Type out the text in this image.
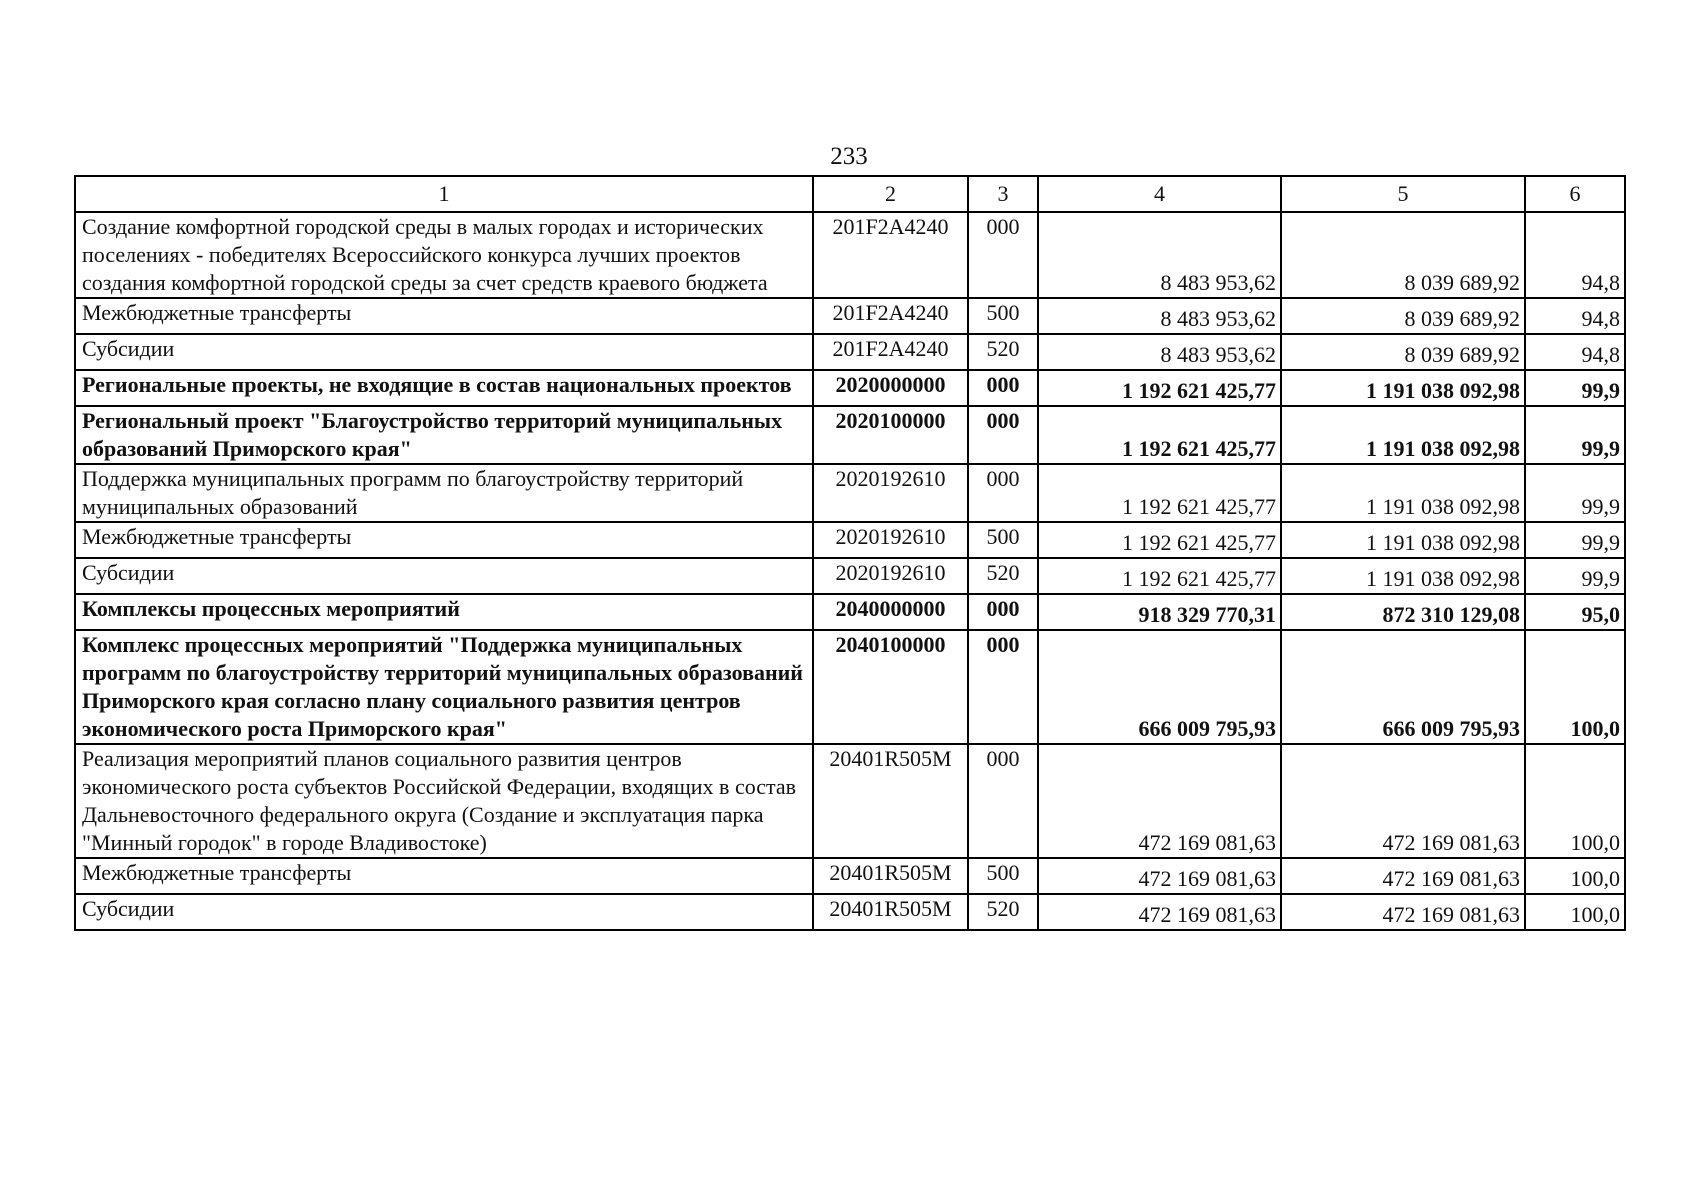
233
1	2	3	4	5	6
Создание комфортной городской среды в малых городах и исторических поселениях - победителях Всероссийского конкурса лучших проектов создания комфортной городской среды за счет средств краевого бюджета	201F2A4240	000	8 483 953,62	8 039 689,92	94,8
Межбюджетные трансферты	201F2A4240	500	8 483 953,62	8 039 689,92	94,8
Субсидии	201F2A4240	520	8 483 953,62	8 039 689,92	94,8
Региональные проекты, не входящие в состав национальных проектов	2020000000	000	1 192 621 425,77	1 191 038 092,98	99,9
Региональный проект "Благоустройство территорий муниципальных образований Приморского края"	2020100000	000	1 192 621 425,77	1 191 038 092,98	99,9
Поддержка муниципальных программ по благоустройству территорий муниципальных образований	2020192610	000	1 192 621 425,77	1 191 038 092,98	99,9
Межбюджетные трансферты	2020192610	500	1 192 621 425,77	1 191 038 092,98	99,9
Субсидии	2020192610	520	1 192 621 425,77	1 191 038 092,98	99,9
Комплексы процессных мероприятий	2040000000	000	918 329 770,31	872 310 129,08	95,0
Комплекс процессных мероприятий "Поддержка муниципальных программ по благоустройству территорий муниципальных образований Приморского края согласно плану социального развития центров экономического роста Приморского края"	2040100000	000	666 009 795,93	666 009 795,93	100,0
Реализация мероприятий планов социального развития центров экономического роста субъектов Российской Федерации, входящих в состав Дальневосточного федерального округа (Создание и эксплуатация парка "Минный городок" в городе Владивостоке)	20401R505M	000	472 169 081,63	472 169 081,63	100,0
Межбюджетные трансферты	20401R505M	500	472 169 081,63	472 169 081,63	100,0
Субсидии	20401R505M	520	472 169 081,63	472 169 081,63	100,0
